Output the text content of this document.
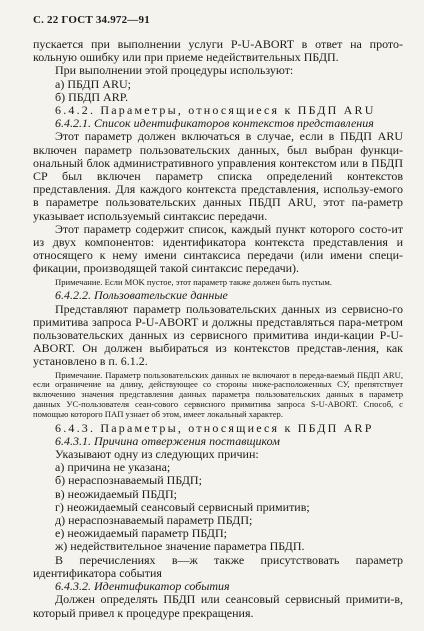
С. 22 ГОСТ 34.972—91

пускается при выполнении услуги P-U-ABORT в ответ на прото-кольную ошибку или при приеме недействительных ПБДП.

При выполнении этой процедуры используют:

а) ПБДП ARU;

б) ПБДП ARP.

6.4.2. Параметры, относящиеся к ПБДП ARU

6.4.2.1. Список идентификаторов контекстов представления

Этот параметр должен включаться в случае, если в ПБДП ARU включен параметр пользовательских данных, был выбран функци-ональный блок административного управления контекстом или в ПБДП CP был включен параметр списка определений контекстов представления. Для каждого контекста представления, использу-емого в параметре пользовательских данных ПБДП ARU, этот па-раметр указывает используемый синтаксис передачи.

Этот параметр содержит список, каждый пункт которого состо-ит из двух компонентов: идентификатора контекста представления и относящего к нему имени синтаксиса передачи (или имени специ-фикации, производящей такой синтаксис передачи).

Примечание. Если MOK пустое, этот параметр также должен быть пустым.

6.4.2.2. Пользовательские данные

Представляют параметр пользовательских данных из сервисно-го примитива запроса P-U-ABORT и должны представляться пара-метром пользовательских данных из сервисного примитива инди-кации P-U-ABORT. Он должен выбираться из контекстов представ-ления, как установлено в п. 6.1.2.

Примечание. Параметр пользовательских данных не включают в переда-ваемый ПБДП ARU, если ограничение на длину, действующее со стороны ниже-расположенных СУ, препятствует включению значения представления данных параметра пользовательских данных в параметр данных УС-пользователя сеан-сового сервисного примитива запроса S-U-ABORT. Способ, с помощью которого ПАП узнает об этом, имеет локальный характер.

6.4.3. Параметры, относящиеся к ПБДП ARP

6.4.3.1. Причина отвержения поставщиком

Указывают одну из следующих причин:

а) причина не указана;

б) нераспознаваемый ПБДП;

в) неожидаемый ПБДП;

г) неожидаемый сеансовый сервисный примитив;

д) нераспознаваемый параметр ПБДП;

е) неожидаемый параметр ПБДП;

ж) недействительное значение параметра ПБДП.

В перечислениях в—ж также присутствовать параметр идентификатора события

6.4.3.2. Идентификатор события

Должен определять ПБДП или сеансовый сервисный примити-в, который привел к процедуре прекращения.
